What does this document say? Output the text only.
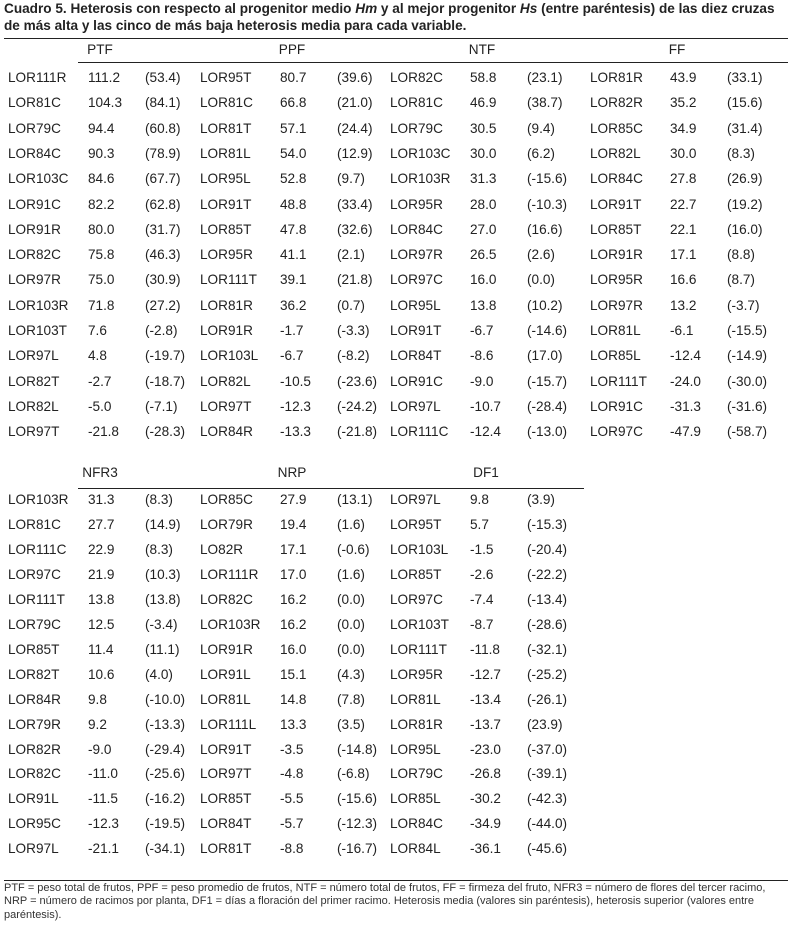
Cuadro 5. Heterosis con respecto al progenitor medio Hm y al mejor progenitor Hs (entre paréntesis) de las diez cruzas de más alta y las cinco de más baja heterosis media para cada variable.
PTF	PPF	NTF	FF
LOR111R 111.2 (53.4) LOR95T 80.7 (39.6) LOR82C 58.8 (23.1) LOR81R 43.9 (33.1)
LOR81C 104.3 (84.1) LOR81C 66.8 (21.0) LOR81C 46.9 (38.7) LOR82R 35.2 (15.6)
LOR79C 94.4 (60.8) LOR81T 57.1 (24.4) LOR79C 30.5 (9.4)	LOR85C 34.9 (31.4)
LOR84C 90.3 (78.9) LOR81L 54.0 (12.9) LOR103C 30.0 (6.2)	LOR82L 30.0 (8.3)
LOR103C 84.6 (67.7) LOR95L 52.8 (9.7) LOR103R 31.3 (-15.6) LOR84C 27.8 (26.9)
LOR91C 82.2 (62.8) LOR91T 48.8 (33.4) LOR95R 28.0 (-10.3) LOR91T 22.7 (19.2)
LOR91R 80.0 (31.7) LOR85T 47.8 (32.6) LOR84C 27.0 (16.6) LOR85T 22.1 (16.0)
LOR82C 75.8 (46.3) LOR95R 41.1 (2.1) LOR97R 26.5 (2.6)	LOR91R 17.1 (8.8)
LOR97R 75.0 (30.9) LOR111T 39.1 (21.8) LOR97C 16.0 (0.0)	LOR95R 16.6 (8.7)
LOR103R 71.8 (27.2) LOR81R 36.2 (0.7) LOR95L 13.8 (10.2) LOR97R 13.2 (-3.7)
LOR103T 7.6	(-2.8) LOR91R -1.7 (-3.3) LOR91T -6.7 (-14.6) LOR81L -6.1 (-15.5)
LOR97L 4.8	(-19.7) LOR103L -6.7 (-8.2) LOR84T -8.6 (17.0) LOR85L -12.4 (-14.9)
LOR82T -2.7 (-18.7) LOR82L -10.5 (-23.6) LOR91C -9.0 (-15.7) LOR111T -24.0 (-30.0)
LOR82L -5.0 (-7.1) LOR97T -12.3 (-24.2) LOR97L -10.7 (-28.4) LOR91C -31.3 (-31.6)
LOR97T -21.8 (-28.3) LOR84R -13.3 (-21.8) LOR111C -12.4 (-13.0) LOR97C -47.9 (-58.7)
NFR3	NRP	DF1
LOR103R 31.3 (8.3) LOR85C 27.9 (13.1) LOR97L 9.8	(3.9)
LOR81C 27.7 (14.9) LOR79R 19.4 (1.6) LOR95T 5.7	(-15.3)
LOR111C 22.9 (8.3) LO82R	17.1 (-0.6) LOR103L -1.5 (-20.4)
LOR97C 21.9 (10.3) LOR111R 17.0 (1.6) LOR85T -2.6 (-22.2)
LOR111T 13.8 (13.8) LOR82C 16.2 (0.0) LOR97C -7.4 (-13.4)
LOR79C 12.5 (-3.4) LOR103R 16.2 (0.0) LOR103T -8.7 (-28.6)
LOR85T 11.4 (11.1) LOR91R 16.0 (0.0) LOR111T -11.8 (-32.1)
LOR82T 10.6 (4.0) LOR91L 15.1 (4.3) LOR95R -12.7 (-25.2)
LOR84R 9.8	(-10.0) LOR81L 14.8 (7.8) LOR81L -13.4 (-26.1)
LOR79R 9.2	(-13.3) LOR111L 13.3 (3.5) LOR81R -13.7 (23.9)
LOR82R -9.0 (-29.4) LOR91T -3.5 (-14.8) LOR95L -23.0 (-37.0)
LOR82C -11.0 (-25.6) LOR97T -4.8 (-6.8) LOR79C -26.8 (-39.1)
LOR91L -11.5 (-16.2) LOR85T -5.5 (-15.6) LOR85L -30.2 (-42.3)
LOR95C -12.3 (-19.5) LOR84T -5.7 (-12.3) LOR84C -34.9 (-44.0)
LOR97L -21.1 (-34.1) LOR81T -8.8 (-16.7) LOR84L -36.1 (-45.6)
PTF = peso total de frutos, PPF = peso promedio de frutos, NTF = número total de frutos, FF = firmeza del fruto, NFR3 = número de flores del tercer racimo, NRP = número de racimos por planta, DF1 = días a floración del primer racimo. Heterosis media (valores sin paréntesis), heterosis superior (valores entre paréntesis).
